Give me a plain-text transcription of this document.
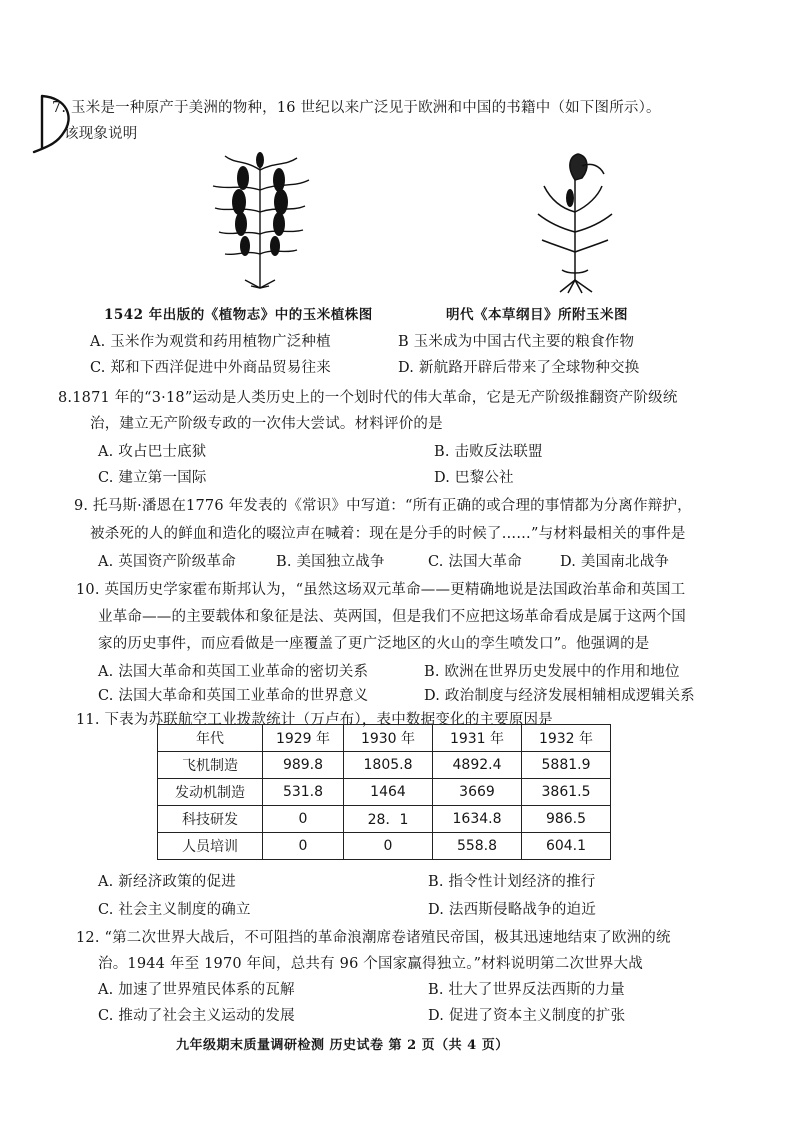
7. 玉米是一种原产于美洲的物种，16 世纪以来广泛见于欧洲和中国的书籍中（如下图所示）。
该现象说明
1542 年出版的《植物志》中的玉米植株图	明代《本草纲目》所附玉米图
A. 玉米作为观赏和药用植物广泛种植	B 玉米成为中国古代主要的粮食作物
C. 郑和下西洋促进中外商品贸易往来	D. 新航路开辟后带来了全球物种交换
8.1871 年的“3·18”运动是人类历史上的一个划时代的伟大革命，它是无产阶级推翻资产阶级统
治，建立无产阶级专政的一次伟大尝试。材料评价的是
A. 攻占巴士底狱	B. 击败反法联盟
C. 建立第一国际	D. 巴黎公社
9. 托马斯·潘恩在1776 年发表的《常识》中写道：“所有正确的或合理的事情都为分离作辩护，
被杀死的人的鲜血和造化的啜泣声在喊着：现在是分手的时候了……”与材料最相关的事件是
A. 英国资产阶级革命	B. 美国独立战争	C. 法国大革命	D. 美国南北战争
10. 英国历史学家霍布斯邦认为，“虽然这场双元革命——更精确地说是法国政治革命和英国工
业革命——的主要载体和象征是法、英两国，但是我们不应把这场革命看成是属于这两个国
家的历史事件，而应看做是一座覆盖了更广泛地区的火山的孪生喷发口”。他强调的是
A. 法国大革命和英国工业革命的密切关系	B. 欧洲在世界历史发展中的作用和地位
C. 法国大革命和英国工业革命的世界意义	D. 政治制度与经济发展相辅相成逻辑关系
11. 下表为苏联航空工业拨款统计（万卢布），表中数据变化的主要原因是
年代	1929 年	1930 年	1931 年	1932 年
飞机制造	989.8	1805.8	4892.4	5881.9
发动机制造	531.8	1464	3669	3861.5
科技研发	0	28．1	1634.8	986.5
人员培训	0	0	558.8	604.1
A. 新经济政策的促进	B. 指令性计划经济的推行
C. 社会主义制度的确立	D. 法西斯侵略战争的迫近
12. “第二次世界大战后，不可阻挡的革命浪潮席卷诸殖民帝国，极其迅速地结束了欧洲的统
治。1944 年至 1970 年间，总共有 96 个国家赢得独立。”材料说明第二次世界大战
A. 加速了世界殖民体系的瓦解	B. 壮大了世界反法西斯的力量
C. 推动了社会主义运动的发展	D. 促进了资本主义制度的扩张
九年级期末质量调研检测 历史试卷 第 2 页（共 4 页）
